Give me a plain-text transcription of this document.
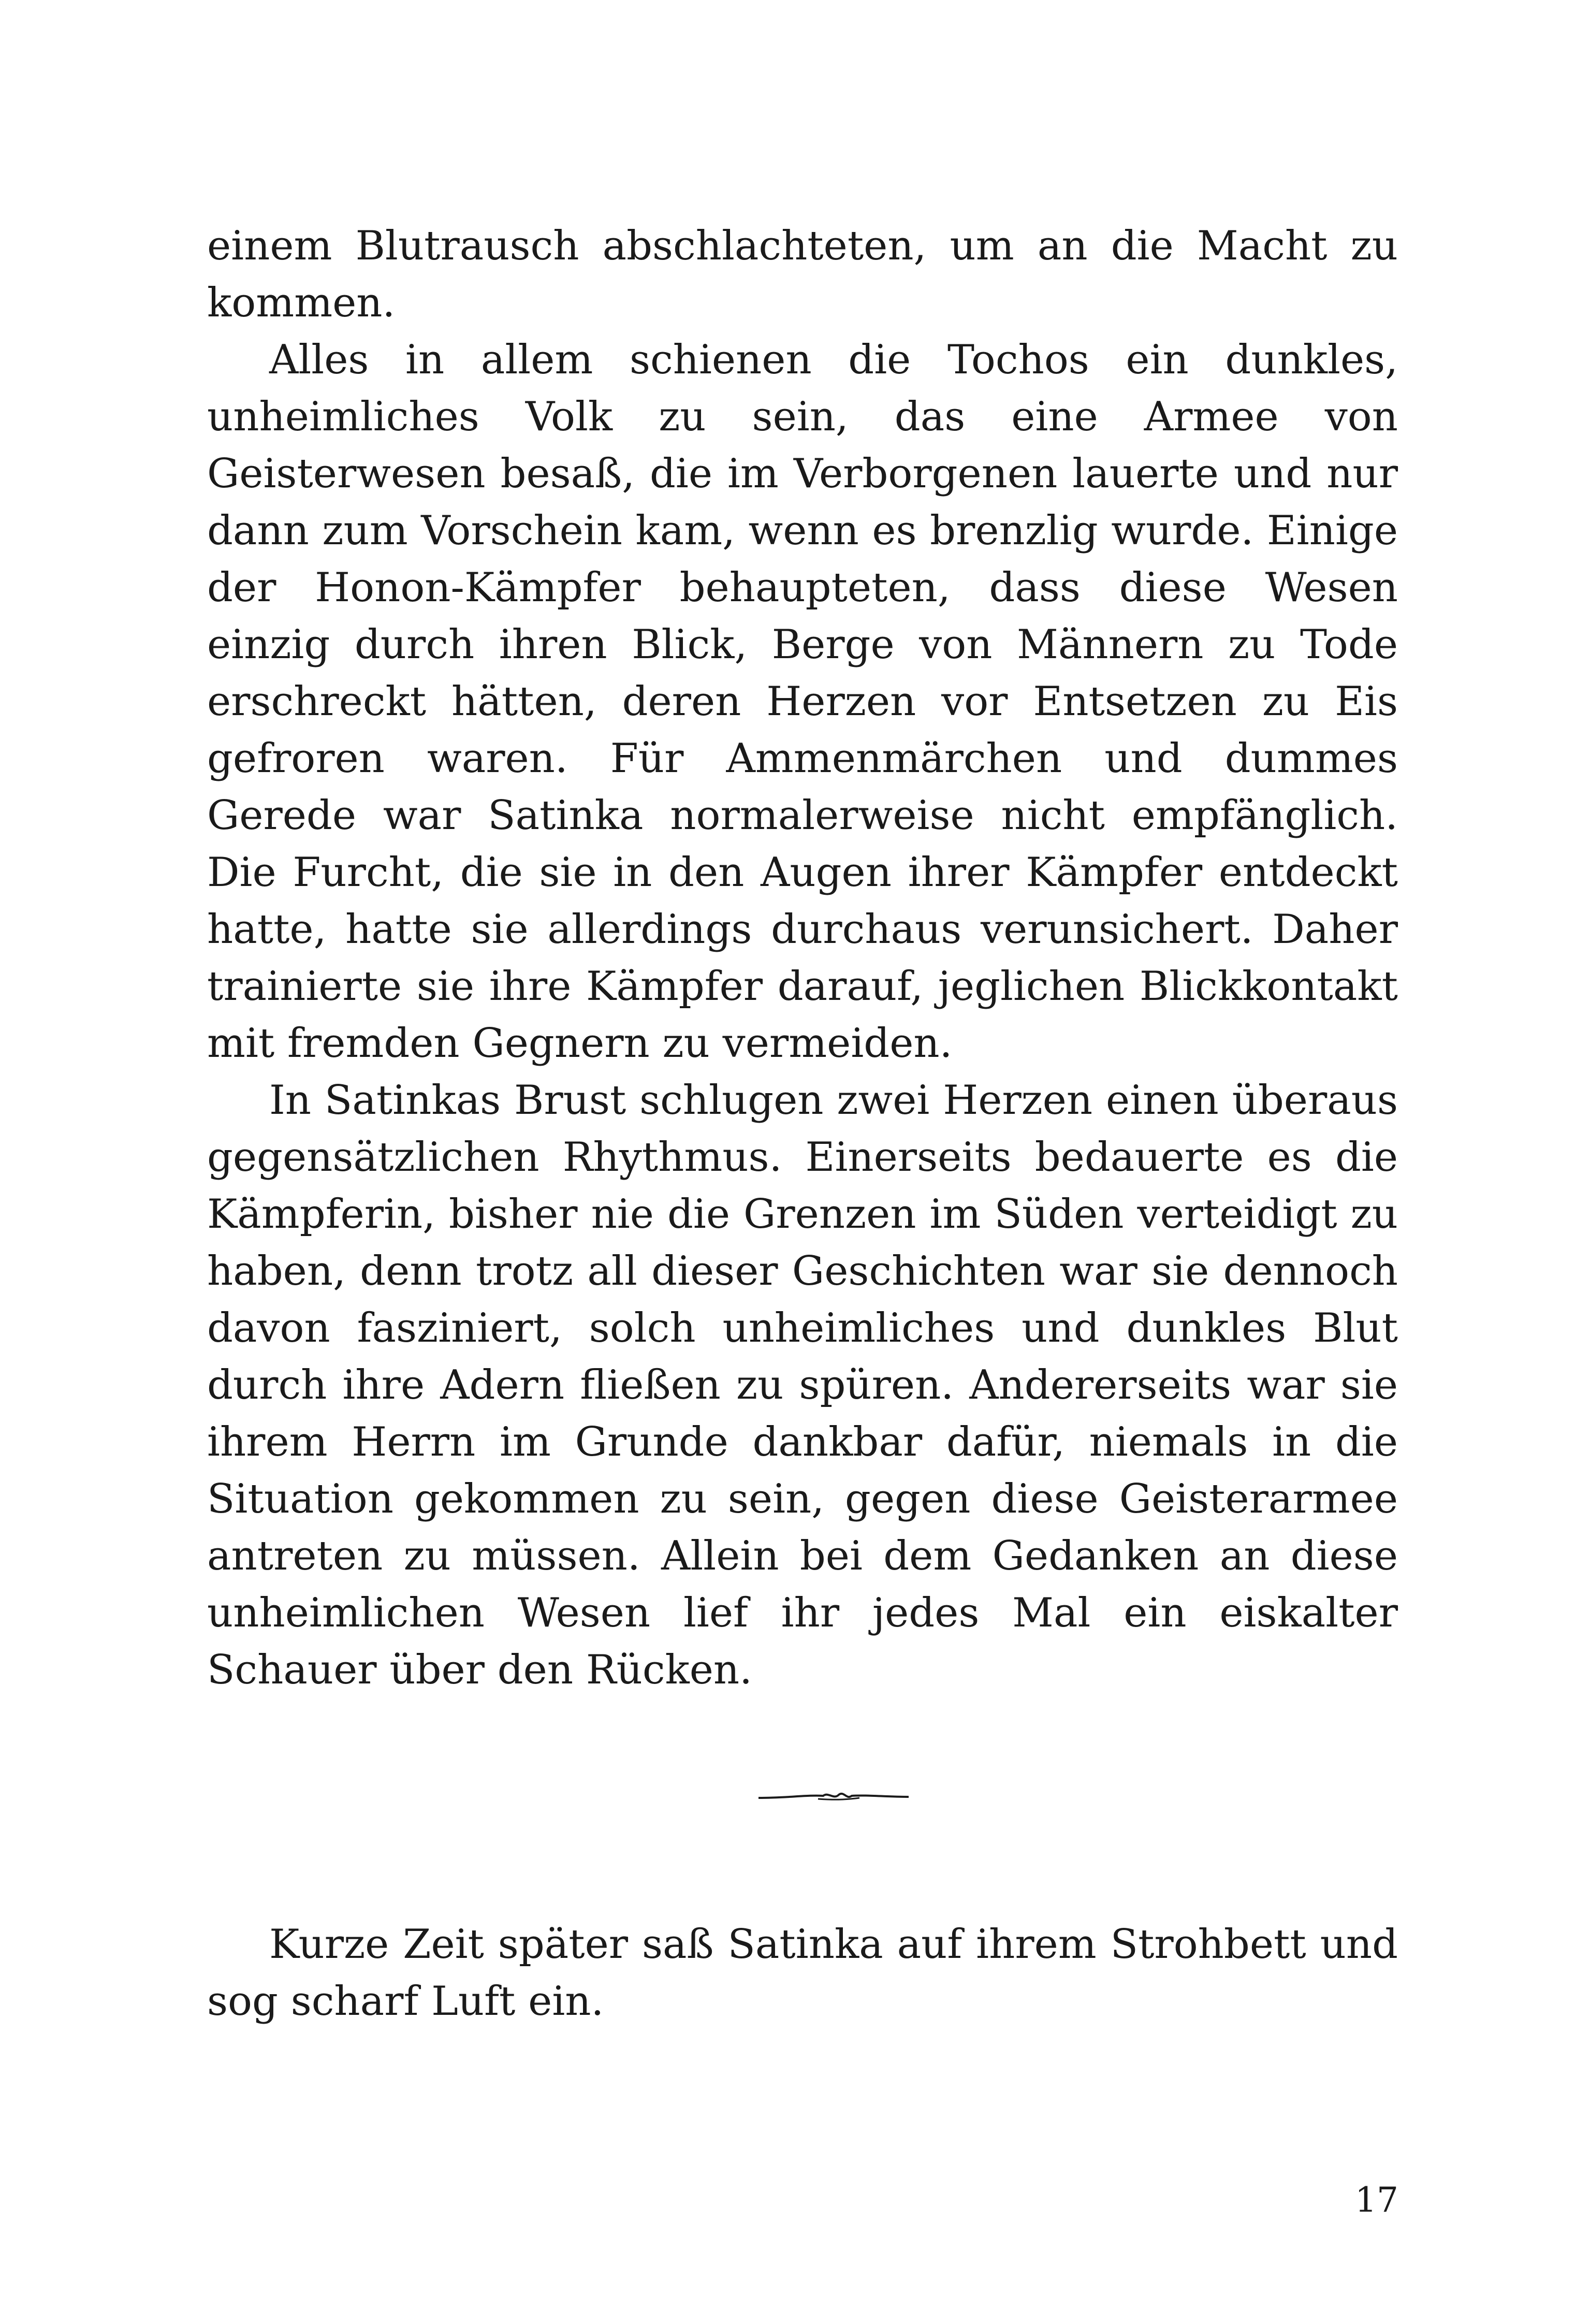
einem Blutrausch abschlachteten, um an die Macht zu kommen.

Alles in allem schienen die Tochos ein dunkles, unheimliches Volk zu sein, das eine Armee von Geisterwesen besaß, die im Verborgenen lauerte und nur dann zum Vorschein kam, wenn es brenzlig wurde. Einige der Honon-Kämpfer behaupteten, dass diese Wesen einzig durch ihren Blick, Berge von Männern zu Tode erschreckt hätten, deren Herzen vor Entsetzen zu Eis gefroren waren. Für Ammenmärchen und dummes Gerede war Satinka normalerweise nicht empfänglich. Die Furcht, die sie in den Augen ihrer Kämpfer entdeckt hatte, hatte sie allerdings durchaus verunsichert. Daher trainierte sie ihre Kämpfer darauf, jeglichen Blickkontakt mit fremden Gegnern zu vermeiden.

In Satinkas Brust schlugen zwei Herzen einen überaus gegensätzlichen Rhythmus. Einerseits bedauerte es die Kämpferin, bisher nie die Grenzen im Süden verteidigt zu haben, denn trotz all dieser Geschichten war sie dennoch davon fasziniert, solch unheimliches und dunkles Blut durch ihre Adern fließen zu spüren. Andererseits war sie ihrem Herrn im Grunde dankbar dafür, niemals in die Situation gekommen zu sein, gegen diese Geisterarmee antreten zu müssen. Allein bei dem Gedanken an diese unheimlichen Wesen lief ihr jedes Mal ein eiskalter Schauer über den Rücken.

Kurze Zeit später saß Satinka auf ihrem Strohbett und sog scharf Luft ein.

17
